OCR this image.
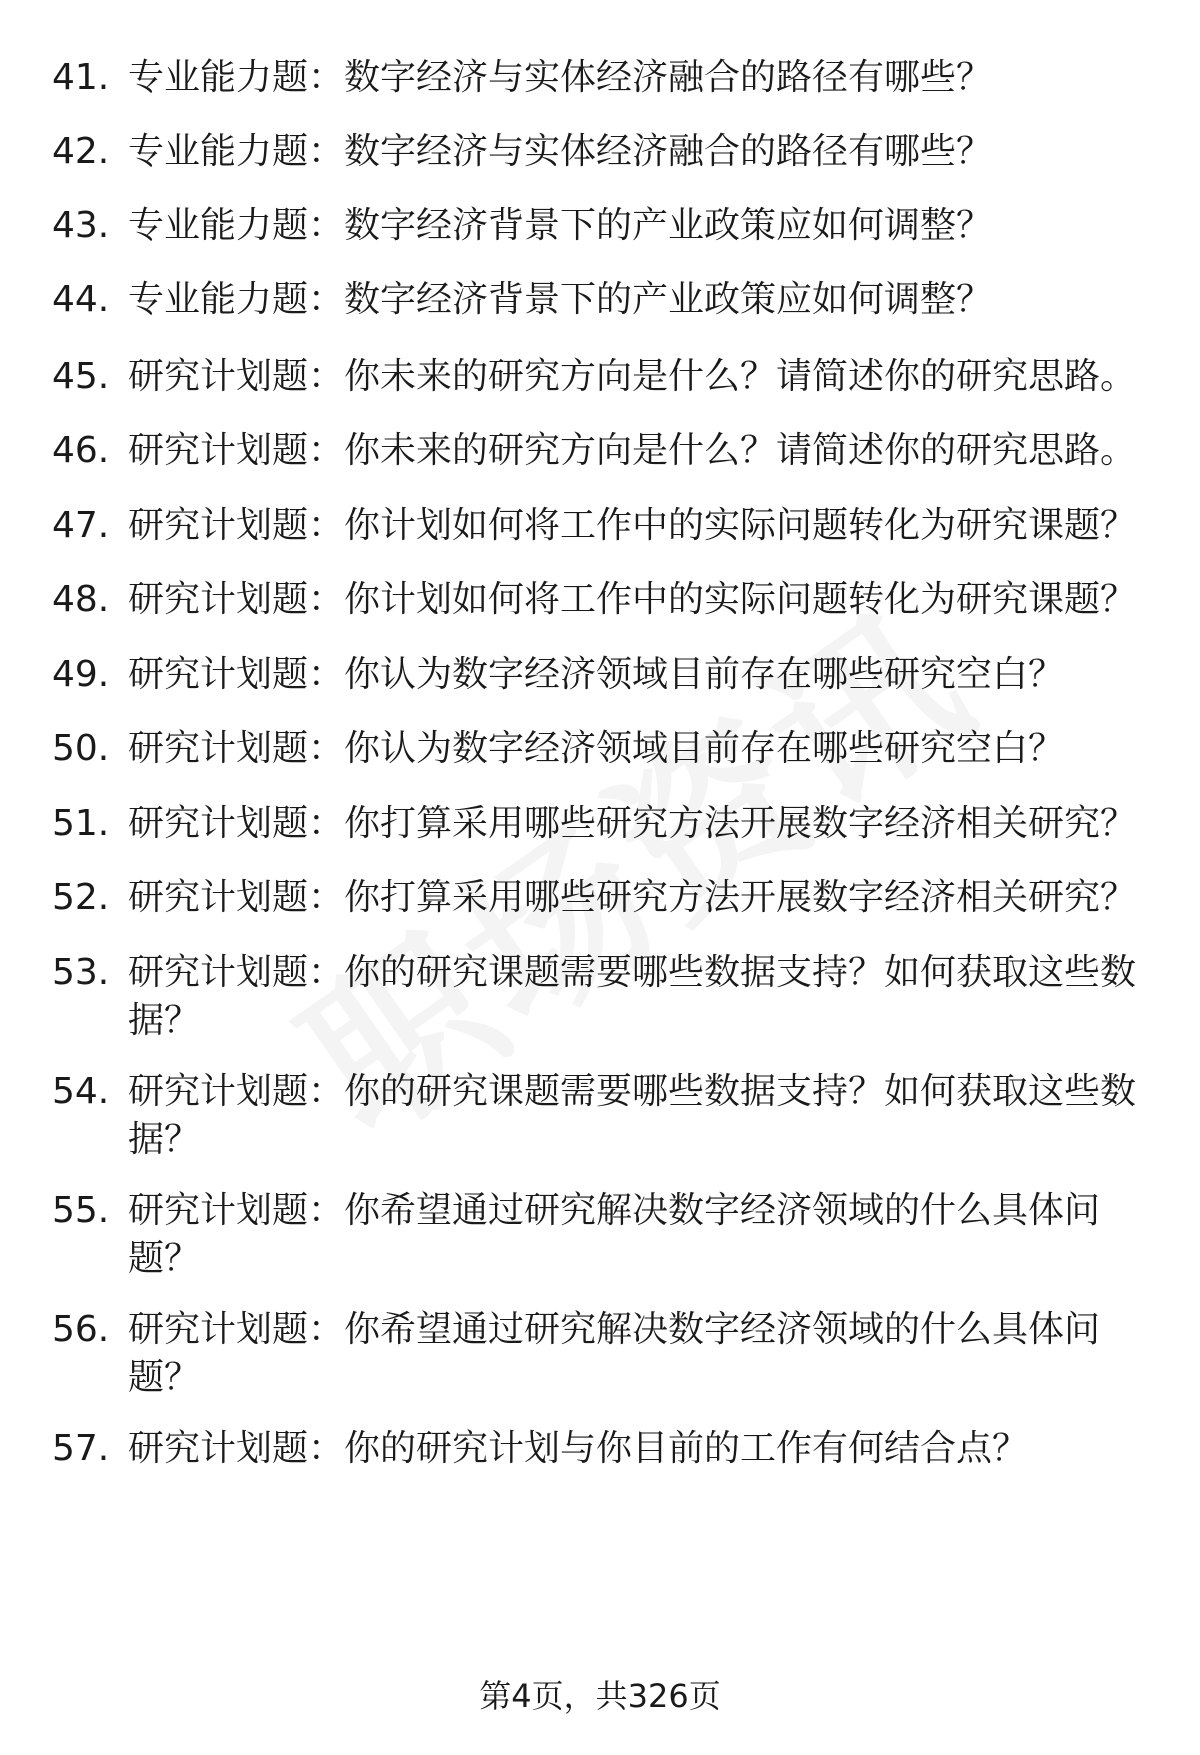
41. 专业能力题：数字经济与实体经济融合的路径有哪些？
42. 专业能力题：数字经济与实体经济融合的路径有哪些？
43. 专业能力题：数字经济背景下的产业政策应如何调整？
44. 专业能力题：数字经济背景下的产业政策应如何调整？
45. 研究计划题：你未来的研究方向是什么？请简述你的研究思路。
46. 研究计划题：你未来的研究方向是什么？请简述你的研究思路。
47. 研究计划题：你计划如何将工作中的实际问题转化为研究课题？
48. 研究计划题：你计划如何将工作中的实际问题转化为研究课题？
49. 研究计划题：你认为数字经济领域目前存在哪些研究空白？
50. 研究计划题：你认为数字经济领域目前存在哪些研究空白？
51. 研究计划题：你打算采用哪些研究方法开展数字经济相关研究？
52. 研究计划题：你打算采用哪些研究方法开展数字经济相关研究？
53. 研究计划题：你的研究课题需要哪些数据支持？如何获取这些数据？
54. 研究计划题：你的研究课题需要哪些数据支持？如何获取这些数据？
55. 研究计划题：你希望通过研究解决数字经济领域的什么具体问题？
56. 研究计划题：你希望通过研究解决数字经济领域的什么具体问题？
57. 研究计划题：你的研究计划与你目前的工作有何结合点？
第4页，共326页
